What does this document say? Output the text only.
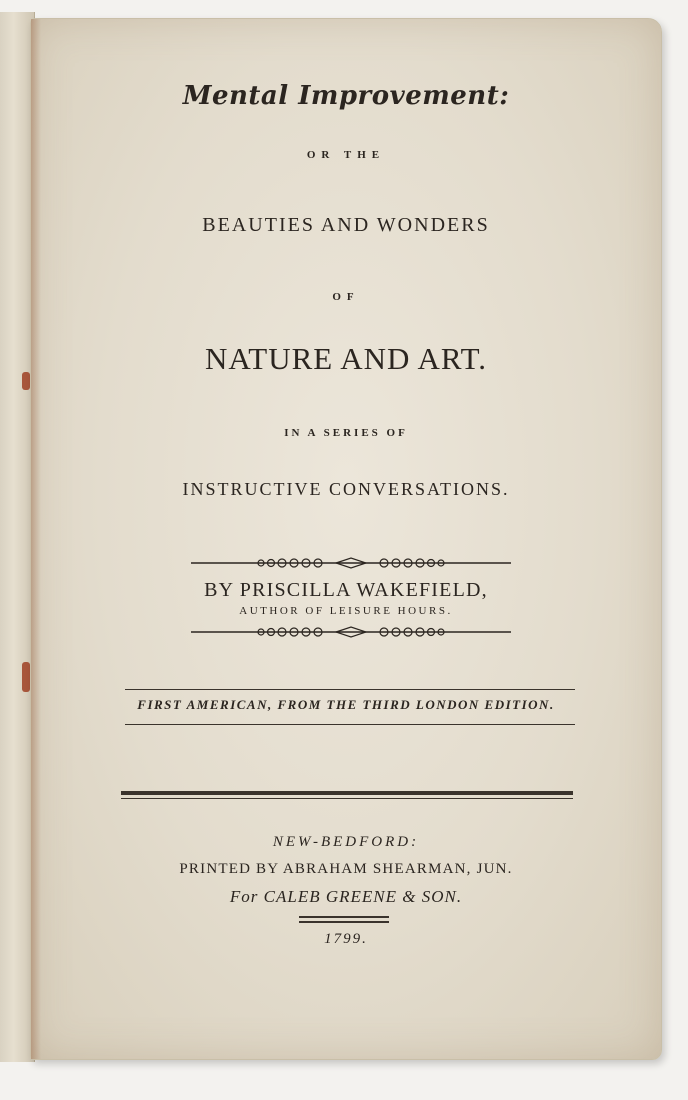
Mental Improvement:
OR THE
BEAUTIES AND WONDERS
OF
NATURE AND ART.
IN A SERIES OF
INSTRUCTIVE CONVERSATIONS.
BY PRISCILLA WAKEFIELD,
AUTHOR OF LEISURE HOURS.
FIRST AMERICAN, FROM THE THIRD LONDON EDITION.
NEW-BEDFORD:
PRINTED BY ABRAHAM SHEARMAN, JUN.
For CALEB GREENE & SON.
1799.
